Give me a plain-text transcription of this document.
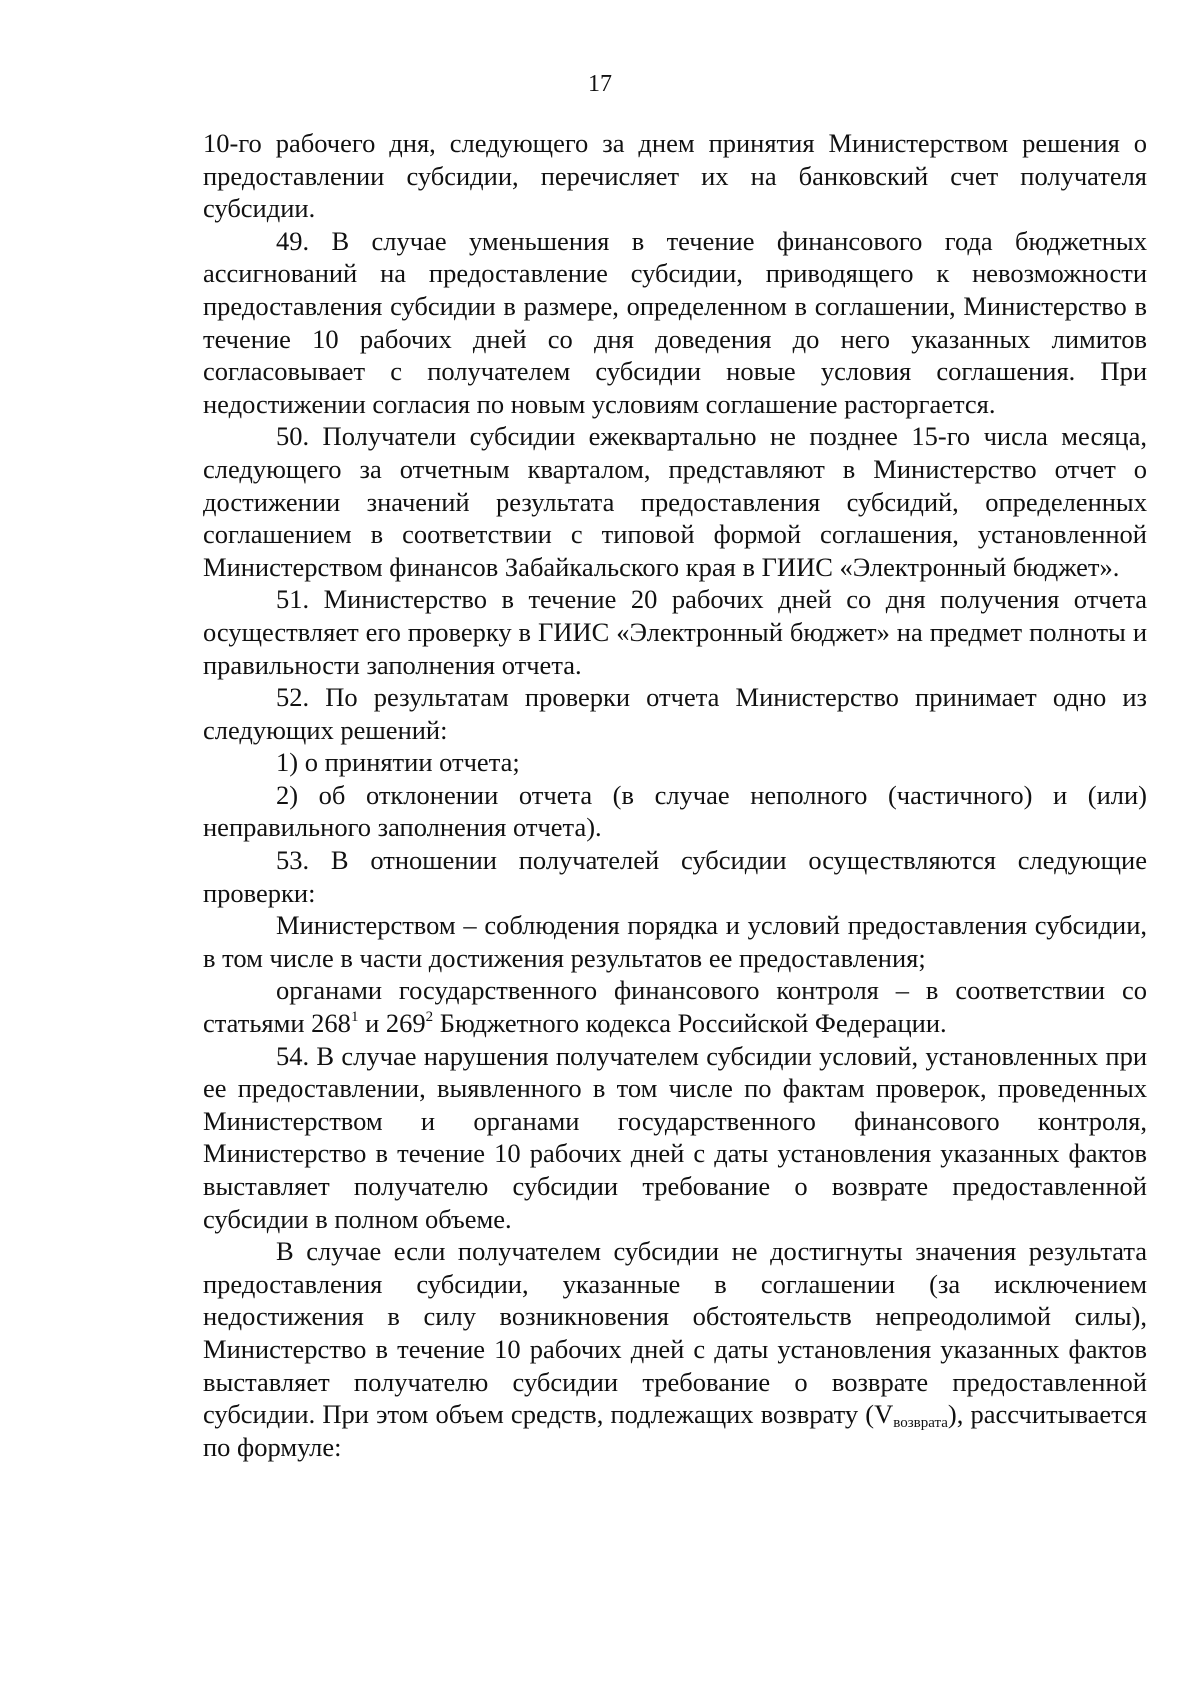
17

10-го рабочего дня, следующего за днем принятия Министерством решения о предоставлении субсидии, перечисляет их на банковский счет получателя субсидии.

49. В случае уменьшения в течение финансового года бюджетных ассигнований на предоставление субсидии, приводящего к невозможности предоставления субсидии в размере, определенном в соглашении, Министерство в течение 10 рабочих дней со дня доведения до него указанных лимитов согласовывает с получателем субсидии новые условия соглашения. При недостижении согласия по новым условиям соглашение расторгается.

50. Получатели субсидии ежеквартально не позднее 15-го числа месяца, следующего за отчетным кварталом, представляют в Министерство отчет о достижении значений результата предоставления субсидий, определенных соглашением в соответствии с типовой формой соглашения, установленной Министерством финансов Забайкальского края в ГИИС «Электронный бюджет».

51. Министерство в течение 20 рабочих дней со дня получения отчета осуществляет его проверку в ГИИС «Электронный бюджет» на предмет полноты и правильности заполнения отчета.

52. По результатам проверки отчета Министерство принимает одно из следующих решений:

1) о принятии отчета;

2) об отклонении отчета (в случае неполного (частичного) и (или) неправильного заполнения отчета).

53. В отношении получателей субсидии осуществляются следующие проверки:

Министерством – соблюдения порядка и условий предоставления субсидии, в том числе в части достижения результатов ее предоставления;

органами государственного финансового контроля – в соответствии со статьями $268^1$ и $269^2$ Бюджетного кодекса Российской Федерации.

54. В случае нарушения получателем субсидии условий, установленных при ее предоставлении, выявленного в том числе по фактам проверок, проведенных Министерством и органами государственного финансового контроля, Министерство в течение 10 рабочих дней с даты установления указанных фактов выставляет получателю субсидии требование о возврате предоставленной субсидии в полном объеме.

В случае если получателем субсидии не достигнуты значения результата предоставления субсидии, указанные в соглашении (за исключением недостижения в силу возникновения обстоятельств непреодолимой силы), Министерство в течение 10 рабочих дней с даты установления указанных фактов выставляет получателю субсидии требование о возврате предоставленной субсидии. При этом объем средств, подлежащих возврату $(V_{возврата})$, рассчитывается по формуле:
